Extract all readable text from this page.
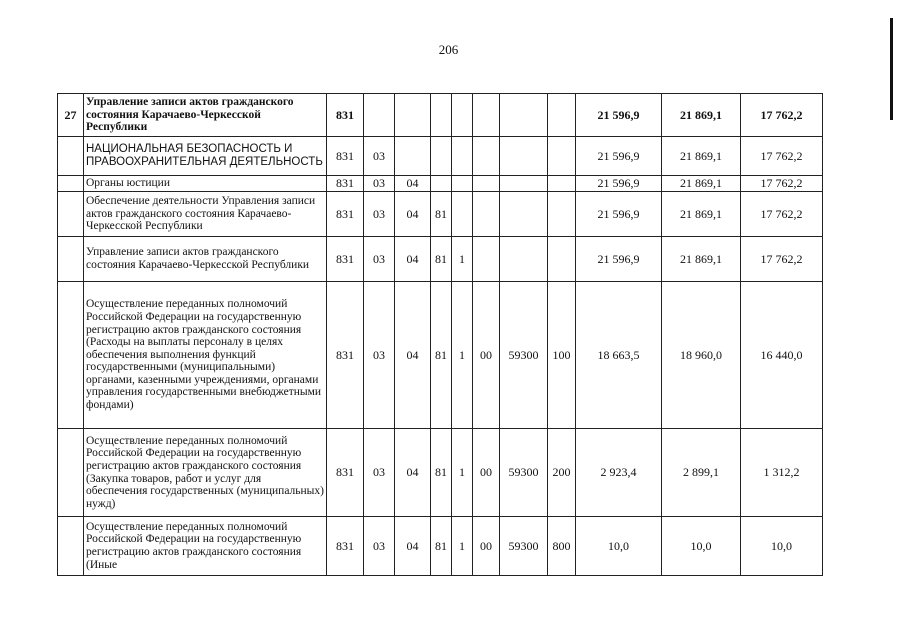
206
27	Управление записи актов гражданского состояния Карачаево-Черкесской Республики	831								21 596,9	21 869,1	17 762,2
	НАЦИОНАЛЬНАЯ БЕЗОПАСНОСТЬ И ПРАВООХРАНИТЕЛЬНАЯ ДЕЯТЕЛЬНОСТЬ	831	03							21 596,9	21 869,1	17 762,2
	Органы юстиции	831	03	04						21 596,9	21 869,1	17 762,2
	Обеспечение деятельности Управления записи актов гражданского состояния Карачаево-Черкесской Республики	831	03	04	81					21 596,9	21 869,1	17 762,2
	Управление записи актов гражданского состояния Карачаево-Черкесской Республики	831	03	04	81	1				21 596,9	21 869,1	17 762,2
	Осуществление переданных полномочий Российской Федерации на государственную регистрацию актов гражданского состояния (Расходы на выплаты персоналу в целях обеспечения выполнения функций государственными (муниципальными) органами, казенными учреждениями, органами управления государственными внебюджетными фондами)	831	03	04	81	1	00	59300	100	18 663,5	18 960,0	16 440,0
	Осуществление переданных полномочий Российской Федерации на государственную регистрацию актов гражданского состояния (Закупка товаров, работ и услуг для обеспечения государственных (муниципальных) нужд)	831	03	04	81	1	00	59300	200	2 923,4	2 899,1	1 312,2
	Осуществление переданных полномочий Российской Федерации на государственную регистрацию актов гражданского состояния (Иные	831	03	04	81	1	00	59300	800	10,0	10,0	10,0
